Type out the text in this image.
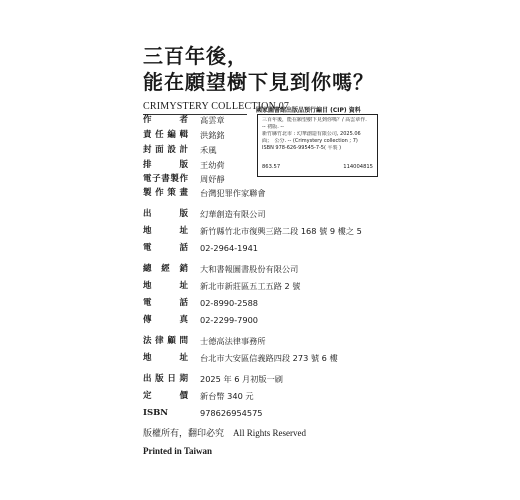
三百年後，
能在願望樹下見到你嗎？
CRIMYSTERY COLLECTION 07
國家圖書館出版品預行編目 (CIP) 資料
三百年後，能在願望樹下見到你嗎？/ 高雲章作.
-- 初版. --
新竹縣竹北市 : 幻華創造有限公司, 2025.06
面；　公分. -- (Crimystery collection ; 7)
ISBN 978-626-99545-7-5( 平裝 )
863.57	114004815
作者 高雲章
責任編輯 洪銘銘
封面設計 禾風
排版 王幼荷
電子書製作 周妤靜
製作策畫 台灣犯罪作家聯會
出版 幻華創造有限公司
地址 新竹縣竹北市復興三路二段 168 號 9 樓之 5
電話 02-2964-1941
總經銷 大和書報圖書股份有限公司
地址 新北市新莊區五工五路 2 號
電話 02-8990-2588
傳真 02-2299-7900
法律顧問 士德高法律事務所
地址 台北市大安區信義路四段 273 號 6 樓
出版日期 2025 年 6 月初版一刷
定價 新台幣 340 元
ISBN	978626954575
版權所有，翻印必究　All Rights Reserved
Printed in Taiwan
